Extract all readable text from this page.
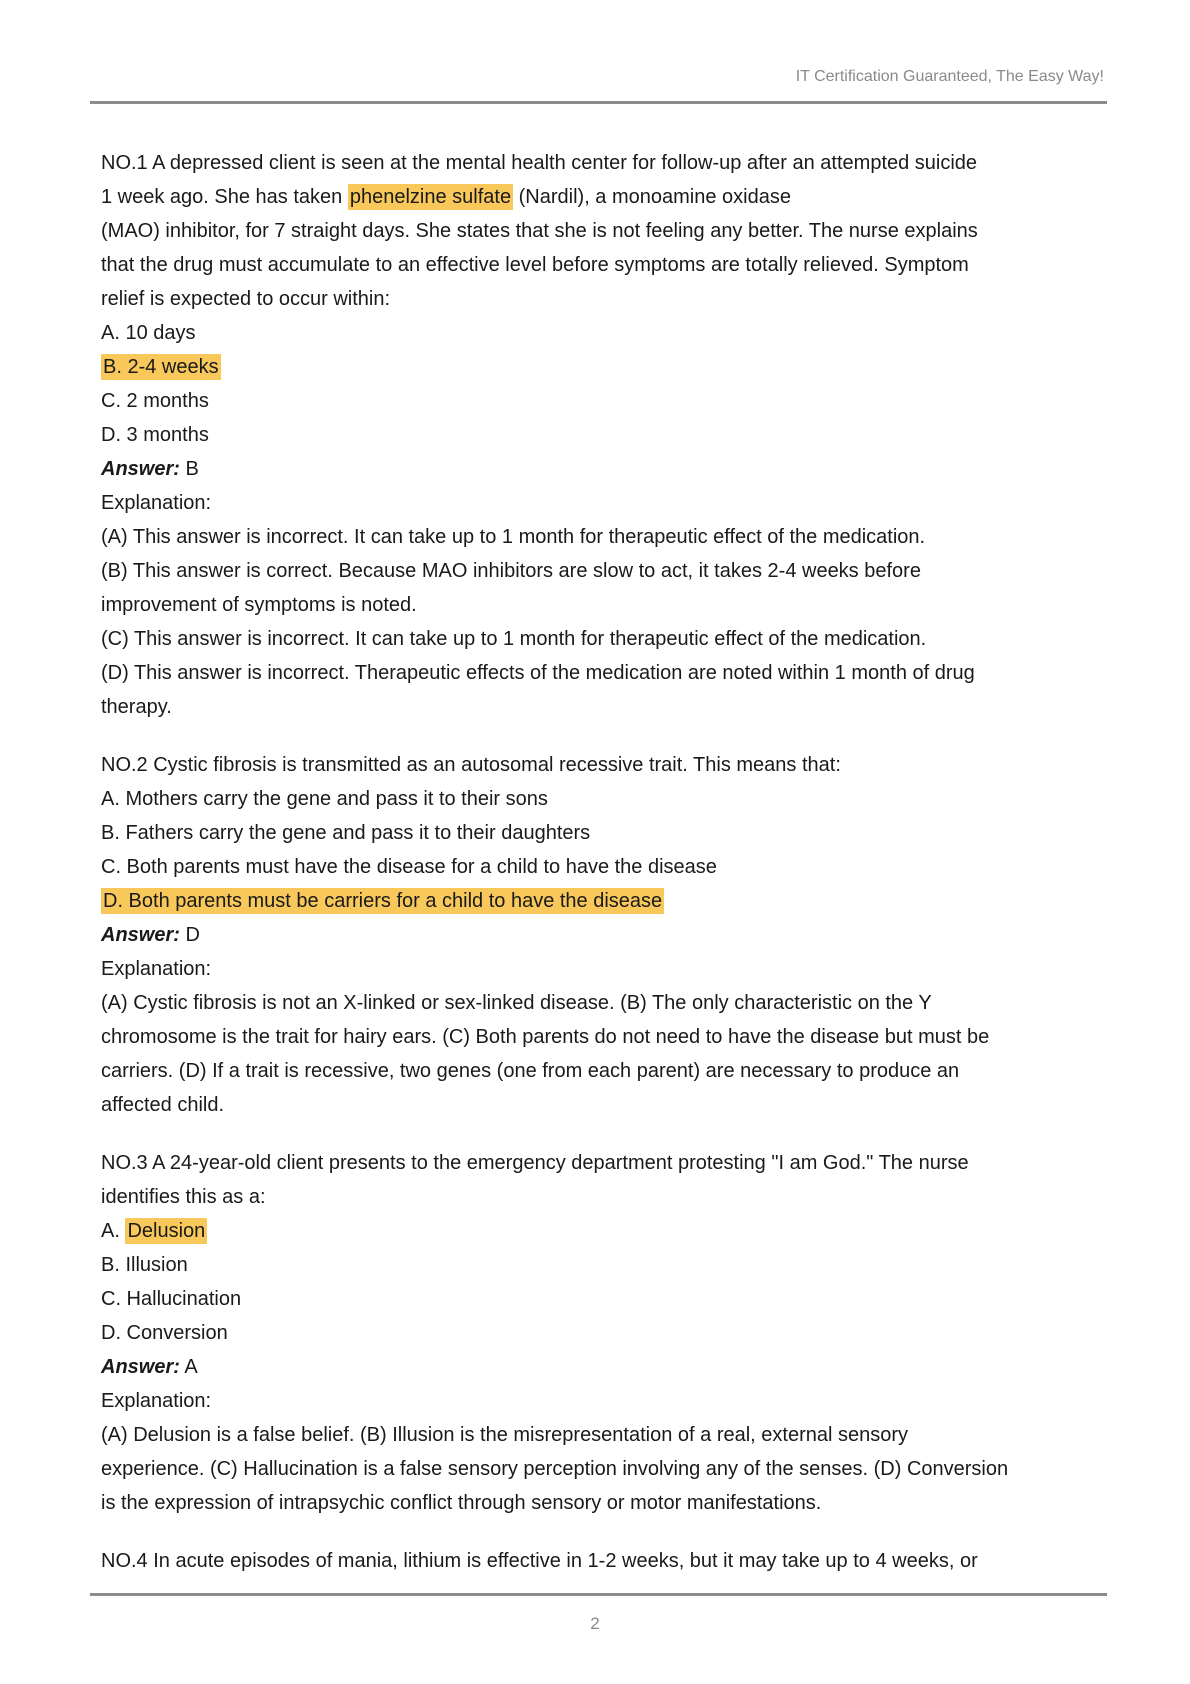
IT Certification Guaranteed, The Easy Way!
NO.1 A depressed client is seen at the mental health center for follow-up after an attempted suicide
1 week ago. She has taken phenelzine sulfate (Nardil), a monoamine oxidase
(MAO) inhibitor, for 7 straight days. She states that she is not feeling any better. The nurse explains
that the drug must accumulate to an effective level before symptoms are totally relieved. Symptom
relief is expected to occur within:
A. 10 days
B. 2-4 weeks
C. 2 months
D. 3 months
Answer: B
Explanation:
(A) This answer is incorrect. It can take up to 1 month for therapeutic effect of the medication.
(B) This answer is correct. Because MAO inhibitors are slow to act, it takes 2-4 weeks before
improvement of symptoms is noted.
(C) This answer is incorrect. It can take up to 1 month for therapeutic effect of the medication.
(D) This answer is incorrect. Therapeutic effects of the medication are noted within 1 month of drug
therapy.
NO.2 Cystic fibrosis is transmitted as an autosomal recessive trait. This means that:
A. Mothers carry the gene and pass it to their sons
B. Fathers carry the gene and pass it to their daughters
C. Both parents must have the disease for a child to have the disease
D. Both parents must be carriers for a child to have the disease
Answer: D
Explanation:
(A) Cystic fibrosis is not an X-linked or sex-linked disease. (B) The only characteristic on the Y
chromosome is the trait for hairy ears. (C) Both parents do not need to have the disease but must be
carriers. (D) If a trait is recessive, two genes (one from each parent) are necessary to produce an
affected child.
NO.3 A 24-year-old client presents to the emergency department protesting "I am God." The nurse
identifies this as a:
A. Delusion
B. Illusion
C. Hallucination
D. Conversion
Answer: A
Explanation:
(A) Delusion is a false belief. (B) Illusion is the misrepresentation of a real, external sensory
experience. (C) Hallucination is a false sensory perception involving any of the senses. (D) Conversion
is the expression of intrapsychic conflict through sensory or motor manifestations.
NO.4 In acute episodes of mania, lithium is effective in 1-2 weeks, but it may take up to 4 weeks, or
2
